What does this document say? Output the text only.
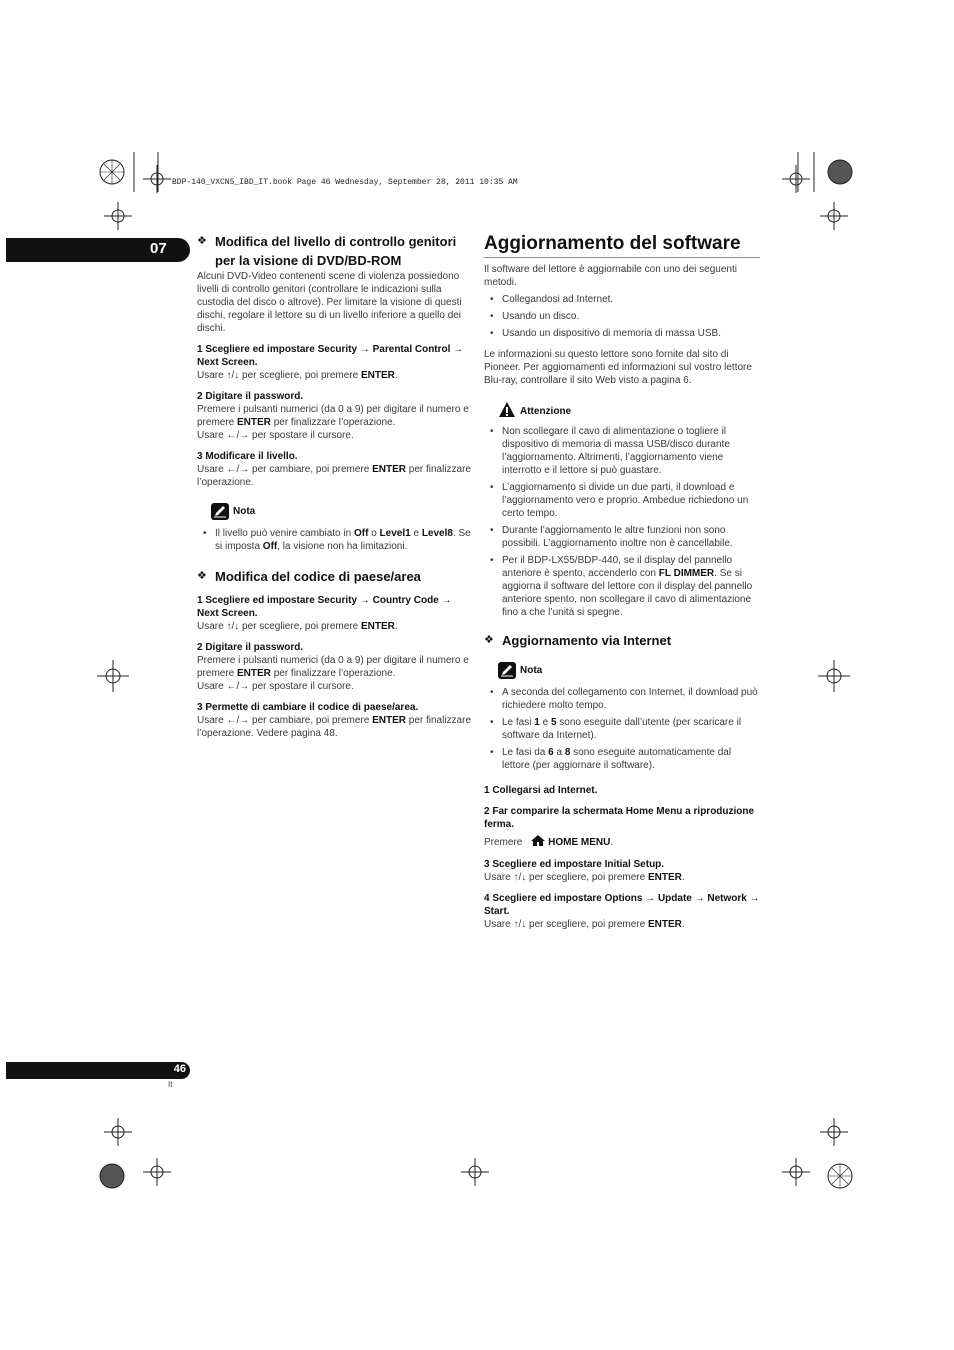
BDP-140_VXCN5_IBD_IT.book Page 46 Wednesday, September 28, 2011 10:35 AM
07
46
It
❖ Modifica del livello di controllo genitori per la visione di DVD/BD-ROM

Alcuni DVD-Video contenenti scene di violenza possiedono livelli di controllo genitori (controllare le indicazioni sulla custodia del disco o altrove). Per limitare la visione di questi dischi, regolare il lettore su di un livello inferiore a quello dei dischi.

1 Scegliere ed impostare Security → Parental Control → Next Screen.

Usare ↑/↓ per scegliere, poi premere ENTER.

2 Digitare il password.

Premere i pulsanti numerici (da 0 a 9) per digitare il numero e premere ENTER per finalizzare l’operazione.

Usare ←/→ per spostare il cursore.

3 Modificare il livello.

Usare ←/→ per cambiare, poi premere ENTER per finalizzare l’operazione.

Nota
• Il livello può venire cambiato in Off o Level1 e Level8. Se si imposta Off, la visione non ha limitazioni.
❖ Modifica del codice di paese/area

1 Scegliere ed impostare Security → Country Code → Next Screen.

Usare ↑/↓ per scegliere, poi premere ENTER.

2 Digitare il password.

Premere i pulsanti numerici (da 0 a 9) per digitare il numero e premere ENTER per finalizzare l’operazione.

Usare ←/→ per spostare il cursore.

3 Permette di cambiare il codice di paese/area.

Usare ←/→ per cambiare, poi premere ENTER per finalizzare l’operazione. Vedere pagina 48.

Aggiornamento del software

Il software del lettore è aggiornabile con uno dei seguenti metodi.

• Collegandosi ad Internet.
• Usando un disco.
• Usando un dispositivo di memoria di massa USB.

Le informazioni su questo lettore sono fornite dal sito di Pioneer. Per aggiornamenti ed informazioni sul vostro lettore Blu-ray, controllare il sito Web visto a pagina 6.

Attenzione
• Non scollegare il cavo di alimentazione o togliere il dispositivo di memoria di massa USB/disco durante l’aggiornamento. Altrimenti, l’aggiornamento viene interrotto e il lettore si può guastare.
• L’aggiornamento si divide un due parti, il download e l’aggiornamento vero e proprio. Ambedue richiedono un certo tempo.
• Durante l’aggiornamento le altre funzioni non sono possibili. L’aggiornamento inoltre non è cancellabile.
• Per il BDP-LX55/BDP-440, se il display del pannello anteriore è spento, accenderlo con FL DIMMER. Se si aggiorna il software del lettore con il display del pannello anteriore spento, non scollegare il cavo di alimentazione fino a che l’unità si spegne.
❖ Aggiornamento via Internet
Nota
• A seconda del collegamento con Internet, il download può richiedere molto tempo.
• Le fasi 1 e 5 sono eseguite dall’utente (per scaricare il software da Internet).
• Le fasi da 6 a 8 sono eseguite automaticamente dal lettore (per aggiornare il software).

1 Collegarsi ad Internet.

2 Far comparire la schermata Home Menu a riproduzione ferma.

Premere HOME MENU.

3 Scegliere ed impostare Initial Setup.

Usare ↑/↓ per scegliere, poi premere ENTER.

4 Scegliere ed impostare Options → Update → Network → Start.

Usare ↑/↓ per scegliere, poi premere ENTER.
